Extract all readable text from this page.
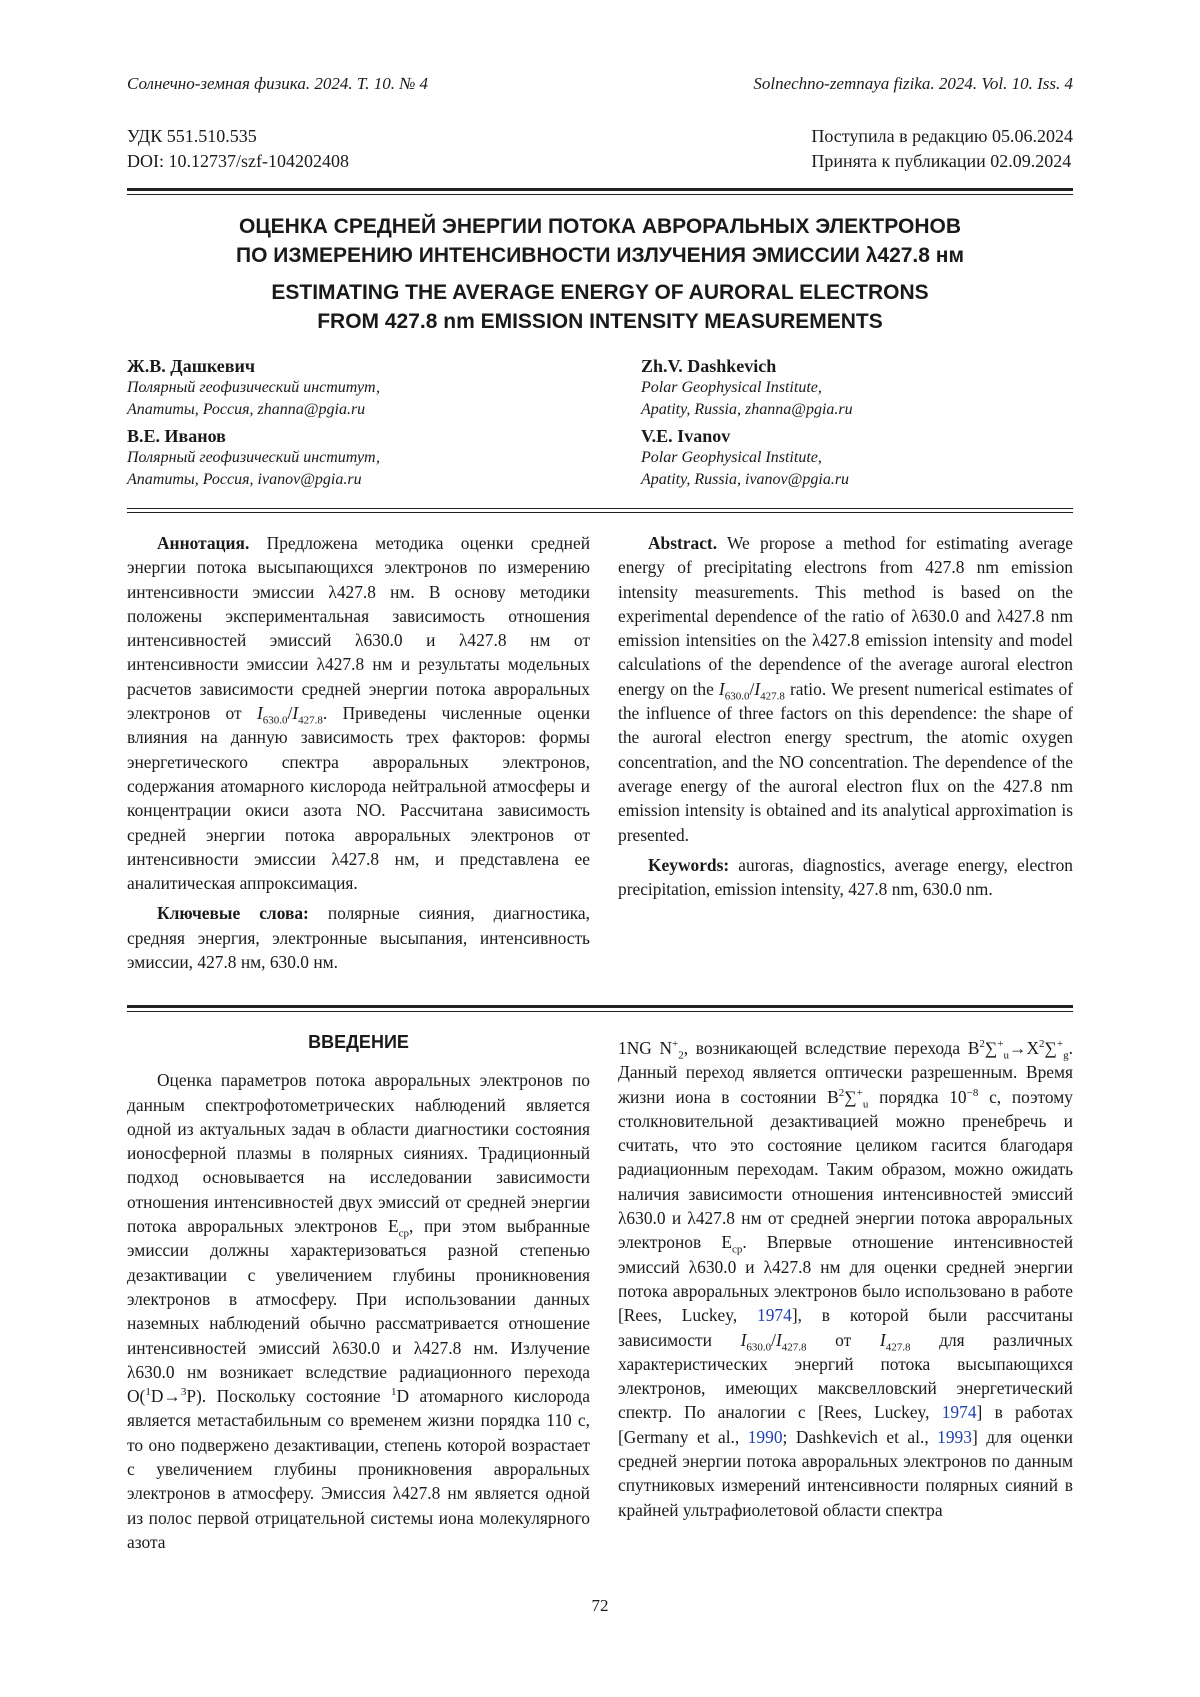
Солнечно-земная физика. 2024. Т. 10. № 4	Solnechno-zemnaya fizika. 2024. Vol. 10. Iss. 4
УДК 551.510.535
DOI: 10.12737/szf-104202408
Поступила в редакцию 05.06.2024
Принята к публикации 02.09.2024
ОЦЕНКА СРЕДНЕЙ ЭНЕРГИИ ПОТОКА АВРОРАЛЬНЫХ ЭЛЕКТРОНОВ
ПО ИЗМЕРЕНИЮ ИНТЕНСИВНОСТИ ИЗЛУЧЕНИЯ ЭМИССИИ λ427.8 нм
ESTIMATING THE AVERAGE ENERGY OF AURORAL ELECTRONS
FROM 427.8 nm EMISSION INTENSITY MEASUREMENTS
Ж.В. Дашкевич
Полярный геофизический институт,
Апатиты, Россия, zhanna@pgia.ru
В.Е. Иванов
Полярный геофизический институт,
Апатиты, Россия, ivanov@pgia.ru
Zh.V. Dashkevich
Polar Geophysical Institute,
Apatity, Russia, zhanna@pgia.ru
V.E. Ivanov
Polar Geophysical Institute,
Apatity, Russia, ivanov@pgia.ru

Аннотация. Предложена методика оценки средней энергии потока высыпающихся электронов по измерению интенсивности эмиссии λ427.8 нм. В основу методики положены экспериментальная зависимость отношения интенсивностей эмиссий λ630.0 и λ427.8 нм от интенсивности эмиссии λ427.8 нм и результаты модельных расчетов зависимости средней энергии потока авроральных электронов от $I_{630.0}/I_{427.8}$. Приведены численные оценки влияния на данную зависимость трех факторов: формы энергетического спектра авроральных электронов, содержания атомарного кислорода нейтральной атмосферы и концентрации окиси азота NO. Рассчитана зависимость средней энергии потока авроральных электронов от интенсивности эмиссии λ427.8 нм, и представлена ее аналитическая аппроксимация.

Ключевые слова: полярные сияния, диагностика, средняя энергия, электронные высыпания, интенсивность эмиссии, 427.8 нм, 630.0 нм.

Abstract. We propose a method for estimating average energy of precipitating electrons from 427.8 nm emission intensity measurements. This method is based on the experimental dependence of the ratio of λ630.0 and λ427.8 nm emission intensities on the λ427.8 emission intensity and model calculations of the dependence of the average auroral electron energy on the $I_{630.0}/I_{427.8}$ ratio. We present numerical estimates of the influence of three factors on this dependence: the shape of the auroral electron energy spectrum, the atomic oxygen concentration, and the NO concentration. The dependence of the average energy of the auroral electron flux on the 427.8 nm emission intensity is obtained and its analytical approximation is presented.

Keywords: auroras, diagnostics, average energy, electron precipitation, emission intensity, 427.8 nm, 630.0 nm.

ВВЕДЕНИЕ

Оценка параметров потока авроральных электронов по данным спектрофотометрических наблюдений является одной из актуальных задач в области диагностики состояния ионосферной плазмы в полярных сияниях. Традиционный подход основывается на исследовании зависимости отношения интенсивностей двух эмиссий от средней энергии потока авроральных электронов $E_{ср}$, при этом выбранные эмиссии должны характеризоваться разной степенью дезактивации с увеличением глубины проникновения электронов в атмосферу. При использовании данных наземных наблюдений обычно рассматривается отношение интенсивностей эмиссий λ630.0 и λ427.8 нм. Излучение λ630.0 нм возникает вследствие радиационного перехода O($^1$D→$^3$P). Поскольку состояние $^1$D атомарного кислорода является метастабильным со временем жизни порядка 110 с, то оно подвержено дезактивации, степень которой возрастает с увеличением глубины проникновения авроральных электронов в атмосферу. Эмиссия λ427.8 нм является одной из полос первой отрицательной системы иона молекулярного азота

1NG $N^+_2$, возникающей вследствие перехода $B^2\sum^+_u\to X^2\sum^+_g$. Данный переход является оптически разрешенным. Время жизни иона в состоянии $B^2\sum^+_u$ порядка $10^{-8}$ с, поэтому столкновительной дезактивацией можно пренебречь и считать, что это состояние целиком гасится благодаря радиационным переходам. Таким образом, можно ожидать наличия зависимости отношения интенсивностей эмиссий λ630.0 и λ427.8 нм от средней энергии потока авроральных электронов $E_{ср}$. Впервые отношение интенсивностей эмиссий λ630.0 и λ427.8 нм для оценки средней энергии потока авроральных электронов было использовано в работе [Rees, Luckey, 1974], в которой были рассчитаны зависимости $I_{630.0}/I_{427.8}$ от $I_{427.8}$ для различных характеристических энергий потока высыпающихся электронов, имеющих максвелловский энергетический спектр. По аналогии с [Rees, Luckey, 1974] в работах [Germany et al., 1990; Dashkevich et al., 1993] для оценки средней энергии потока авроральных электронов по данным спутниковых измерений интенсивности полярных сияний в крайней ультрафиолетовой области спектра

72
